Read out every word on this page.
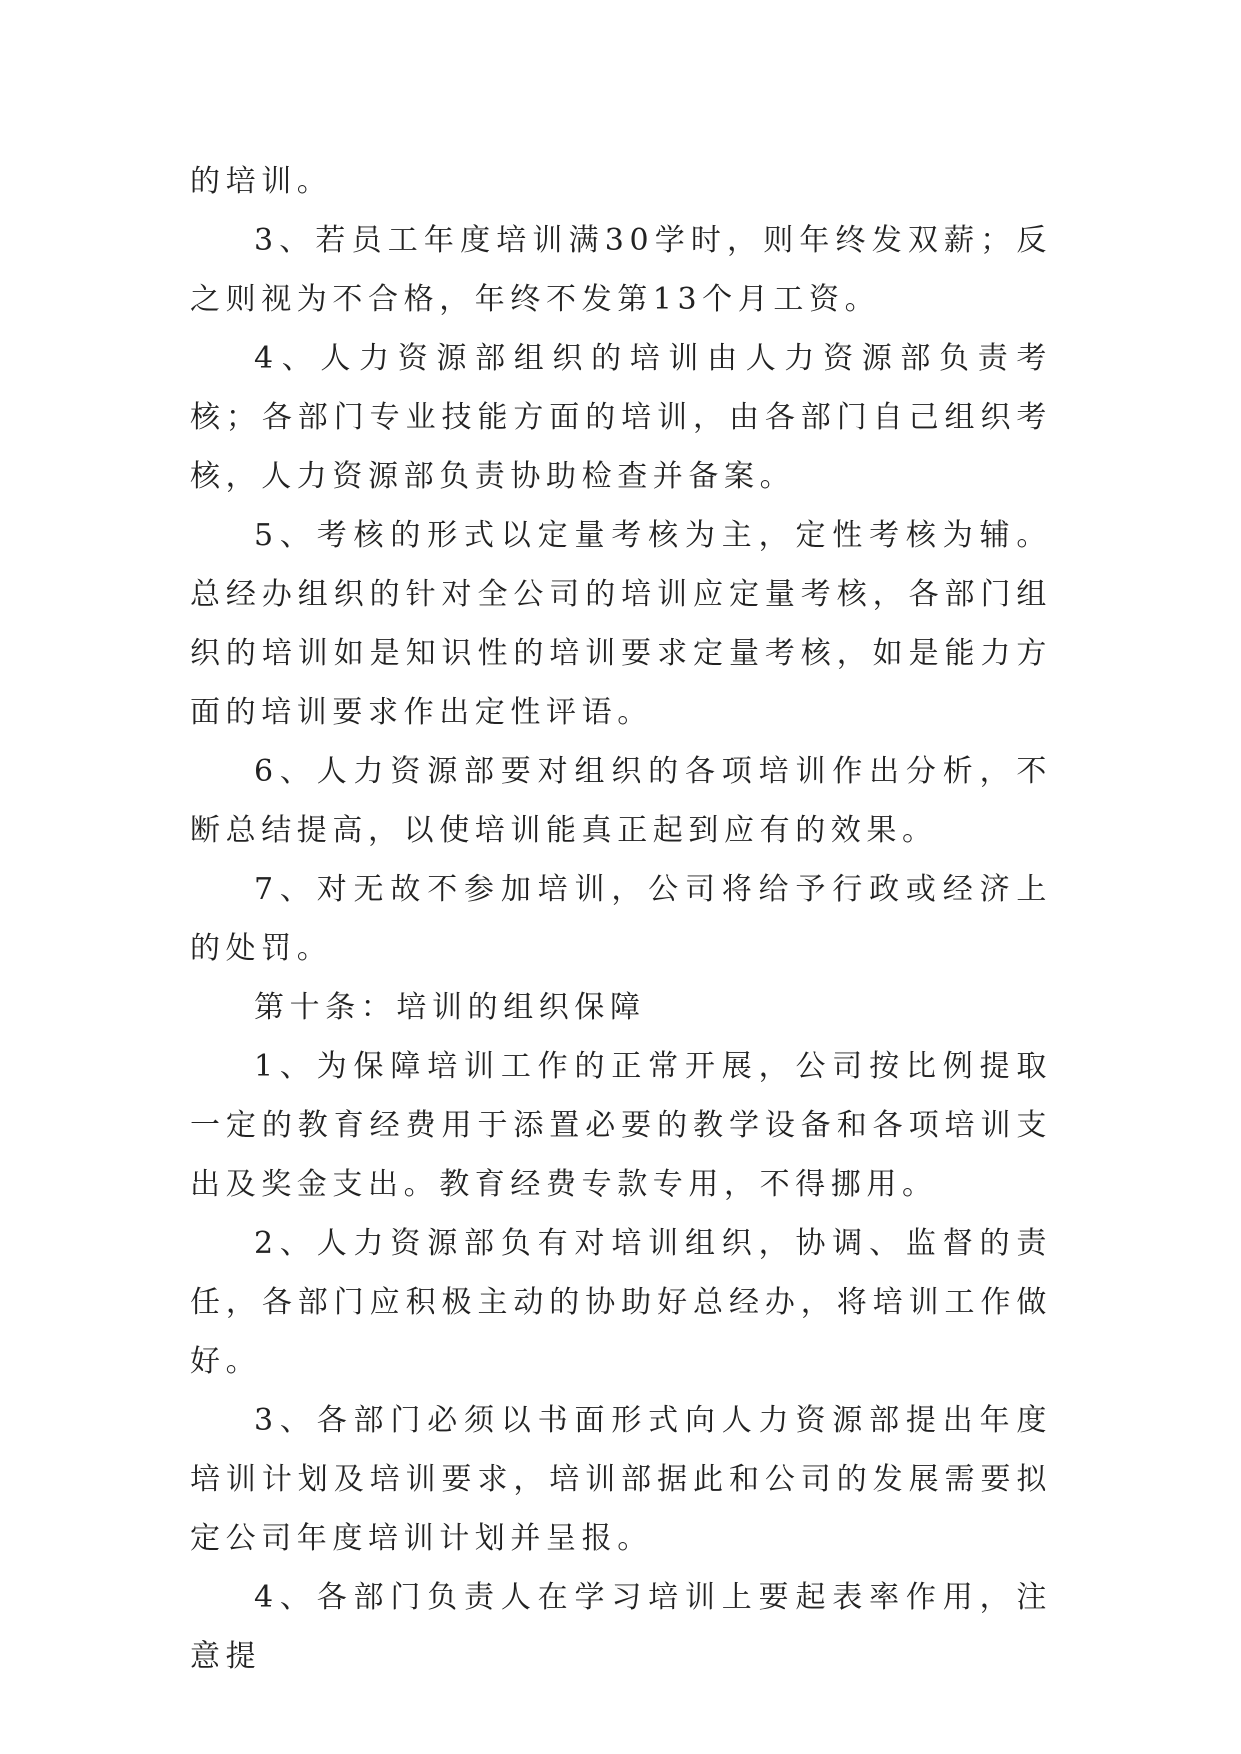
的培训。

3、若员工年度培训满30学时，则年终发双薪；反之则视为不合格，年终不发第13个月工资。

4、人力资源部组织的培训由人力资源部负责考核；各部门专业技能方面的培训，由各部门自己组织考核，人力资源部负责协助检查并备案。

5、考核的形式以定量考核为主，定性考核为辅。总经办组织的针对全公司的培训应定量考核，各部门组织的培训如是知识性的培训要求定量考核，如是能力方面的培训要求作出定性评语。

6、人力资源部要对组织的各项培训作出分析，不断总结提高，以使培训能真正起到应有的效果。

7、对无故不参加培训，公司将给予行政或经济上的处罚。

第十条：培训的组织保障

1、为保障培训工作的正常开展，公司按比例提取一定的教育经费用于添置必要的教学设备和各项培训支出及奖金支出。教育经费专款专用，不得挪用。

2、人力资源部负有对培训组织，协调、监督的责任，各部门应积极主动的协助好总经办，将培训工作做好。

3、各部门必须以书面形式向人力资源部提出年度培训计划及培训要求，培训部据此和公司的发展需要拟定公司年度培训计划并呈报。

4、各部门负责人在学习培训上要起表率作用，注意提
